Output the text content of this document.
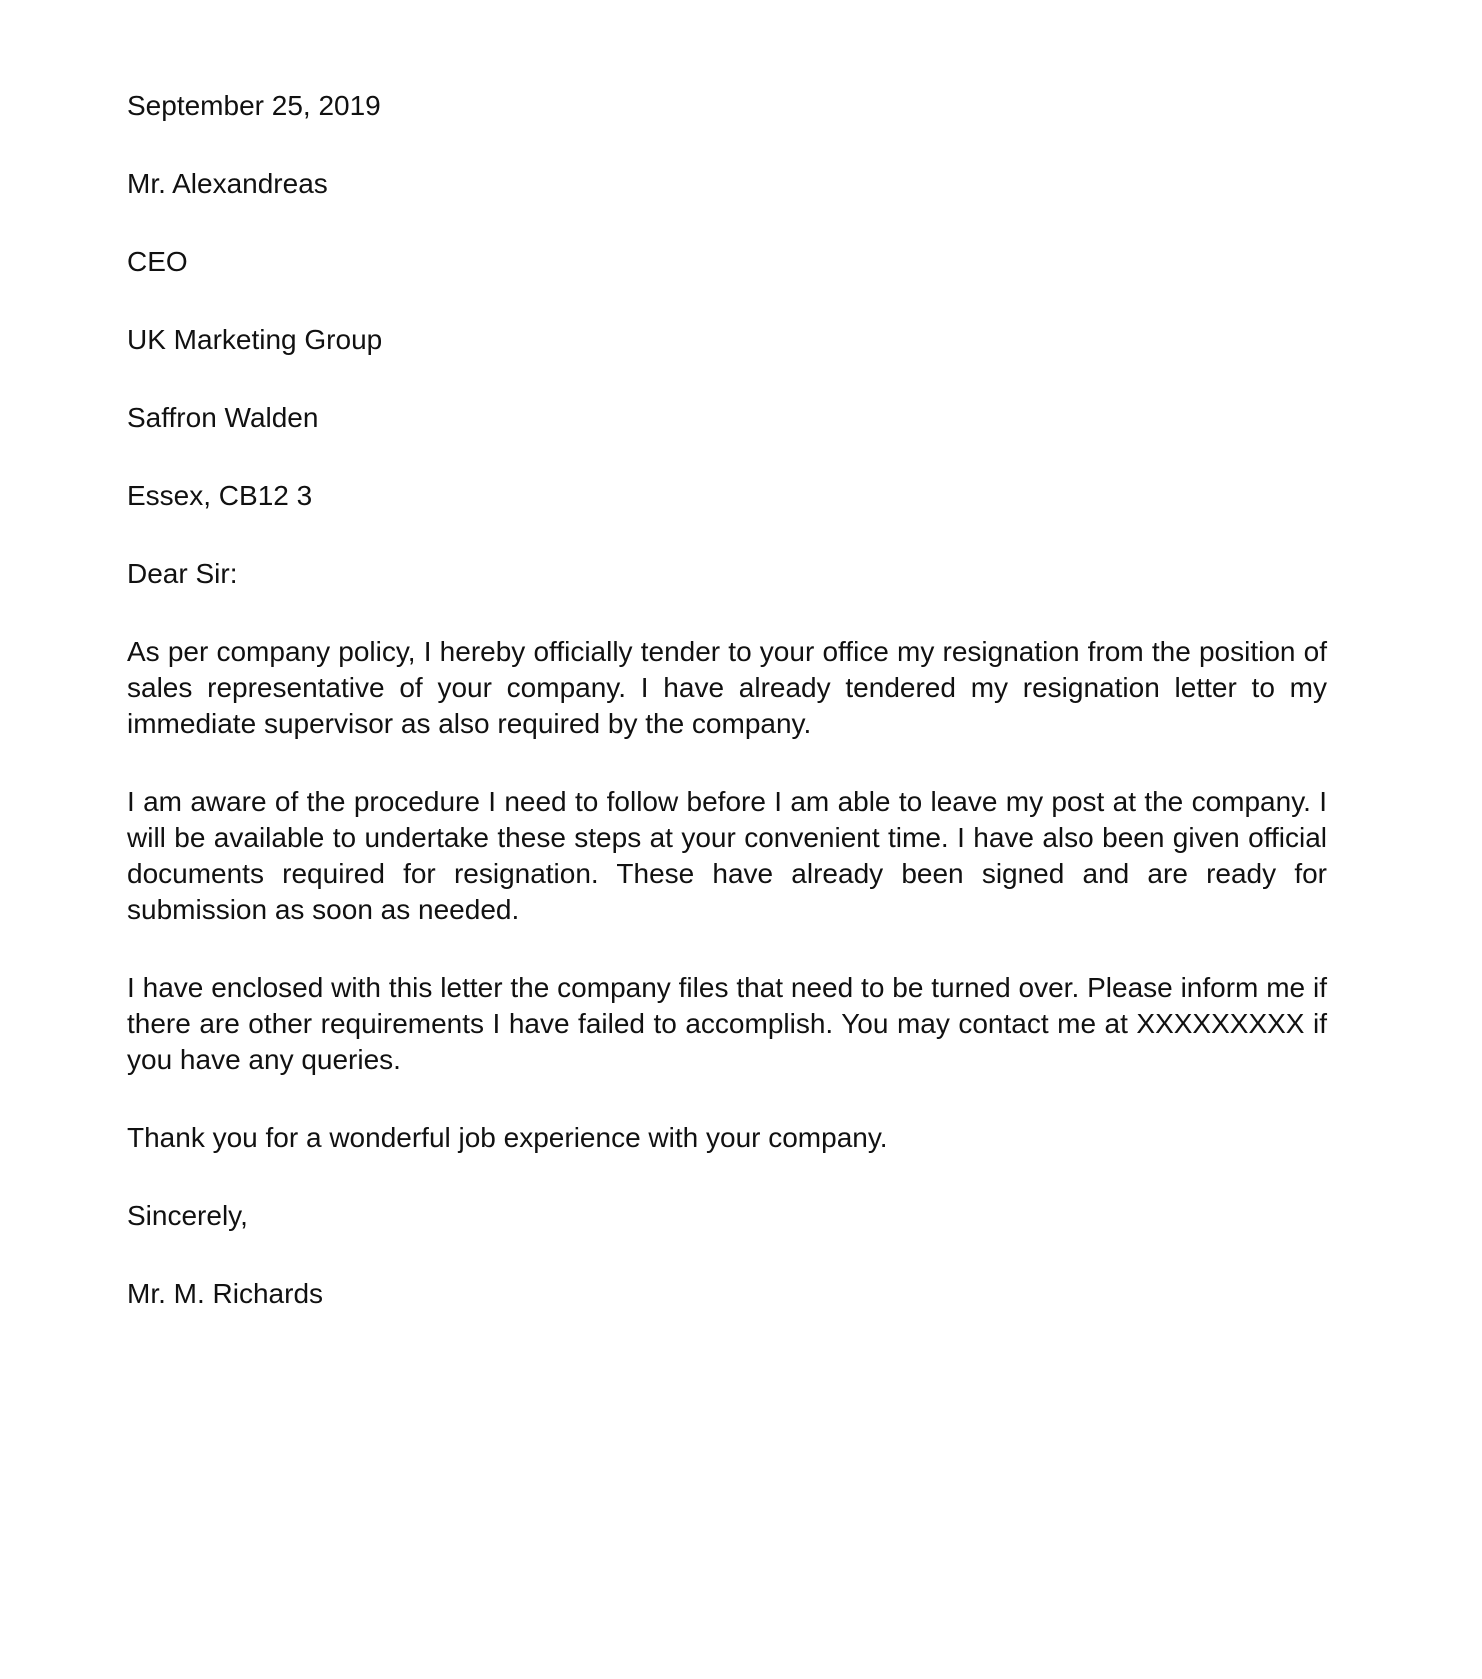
September 25, 2019
Mr. Alexandreas
CEO
UK Marketing Group
Saffron Walden
Essex, CB12 3
Dear Sir:

As per company policy, I hereby officially tender to your office my resignation from the position of sales representative of your company. I have already tendered my resignation letter to my immediate supervisor as also required by the company.

I am aware of the procedure I need to follow before I am able to leave my post at the company. I will be available to undertake these steps at your convenient time. I have also been given official documents required for resignation. These have already been signed and are ready for submission as soon as needed.

I have enclosed with this letter the company files that need to be turned over. Please inform me if there are other requirements I have failed to accomplish. You may contact me at XXXXXXXXX if you have any queries.

Thank you for a wonderful job experience with your company.
Sincerely,
Mr. M. Richards
